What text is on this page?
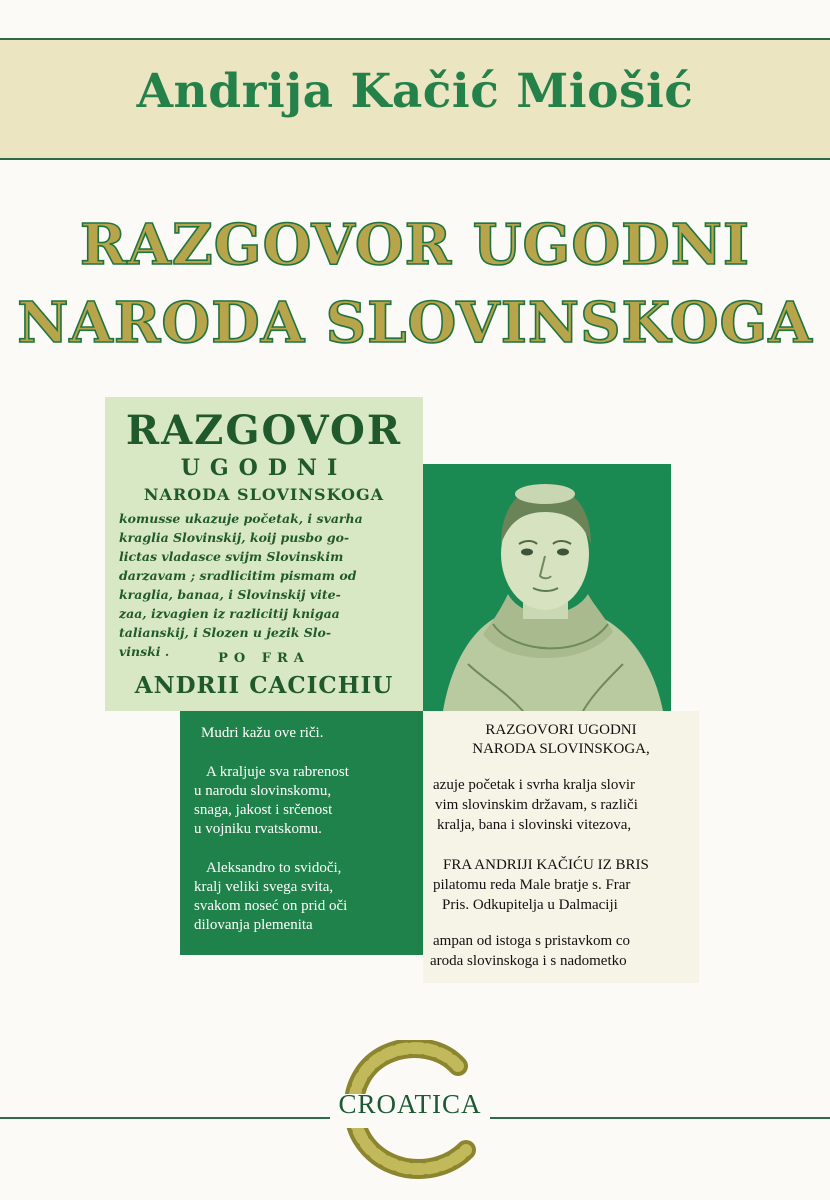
Andrija Kačić Miošić
RAZGOVOR UGODNI
NARODA SLOVINSKOGA
RAZGOVOR
UGODNI
NARODA SLOVINSKOGA
komusse ukazuje početak, i svarha
kraglia Slovinskij, koij pusbo go-
lictas vladasce svijm Slovinskim
darzavam ; sradlicitim pismam od
kraglia, banaa, i Slovinskij vite-
zaa, izvagien iz razlicitij knigaa
talianskij, i Slozen u jezik Slo-
vinski .	PO FRA
ANDRII CACICHIU
Mudri kažu ove riči.
A kraljuje sva rabrenost
u narodu slovinskomu,
snaga, jakost i srčenost
u vojniku rvatskomu.
Aleksandro to svidoči,
kralj veliki svega svita,
svakom noseć on prid oči
dilovanja plemenita
RAZGOVORI UGODNI
NARODA SLOVINSKOGA,
azuje početak i svrha kralja slovir
vim slovinskim državam, s različi
kralja, bana i slovinski vitezova,
FRA ANDRIJI KAČIĆU IZ BRIS
pilatomu reda Male bratje s. Frar
Pris. Odkupitelja u Dalmaciji
ampan od istoga s pristavkom co
aroda slovinskoga i s nadometko
CROATICA
